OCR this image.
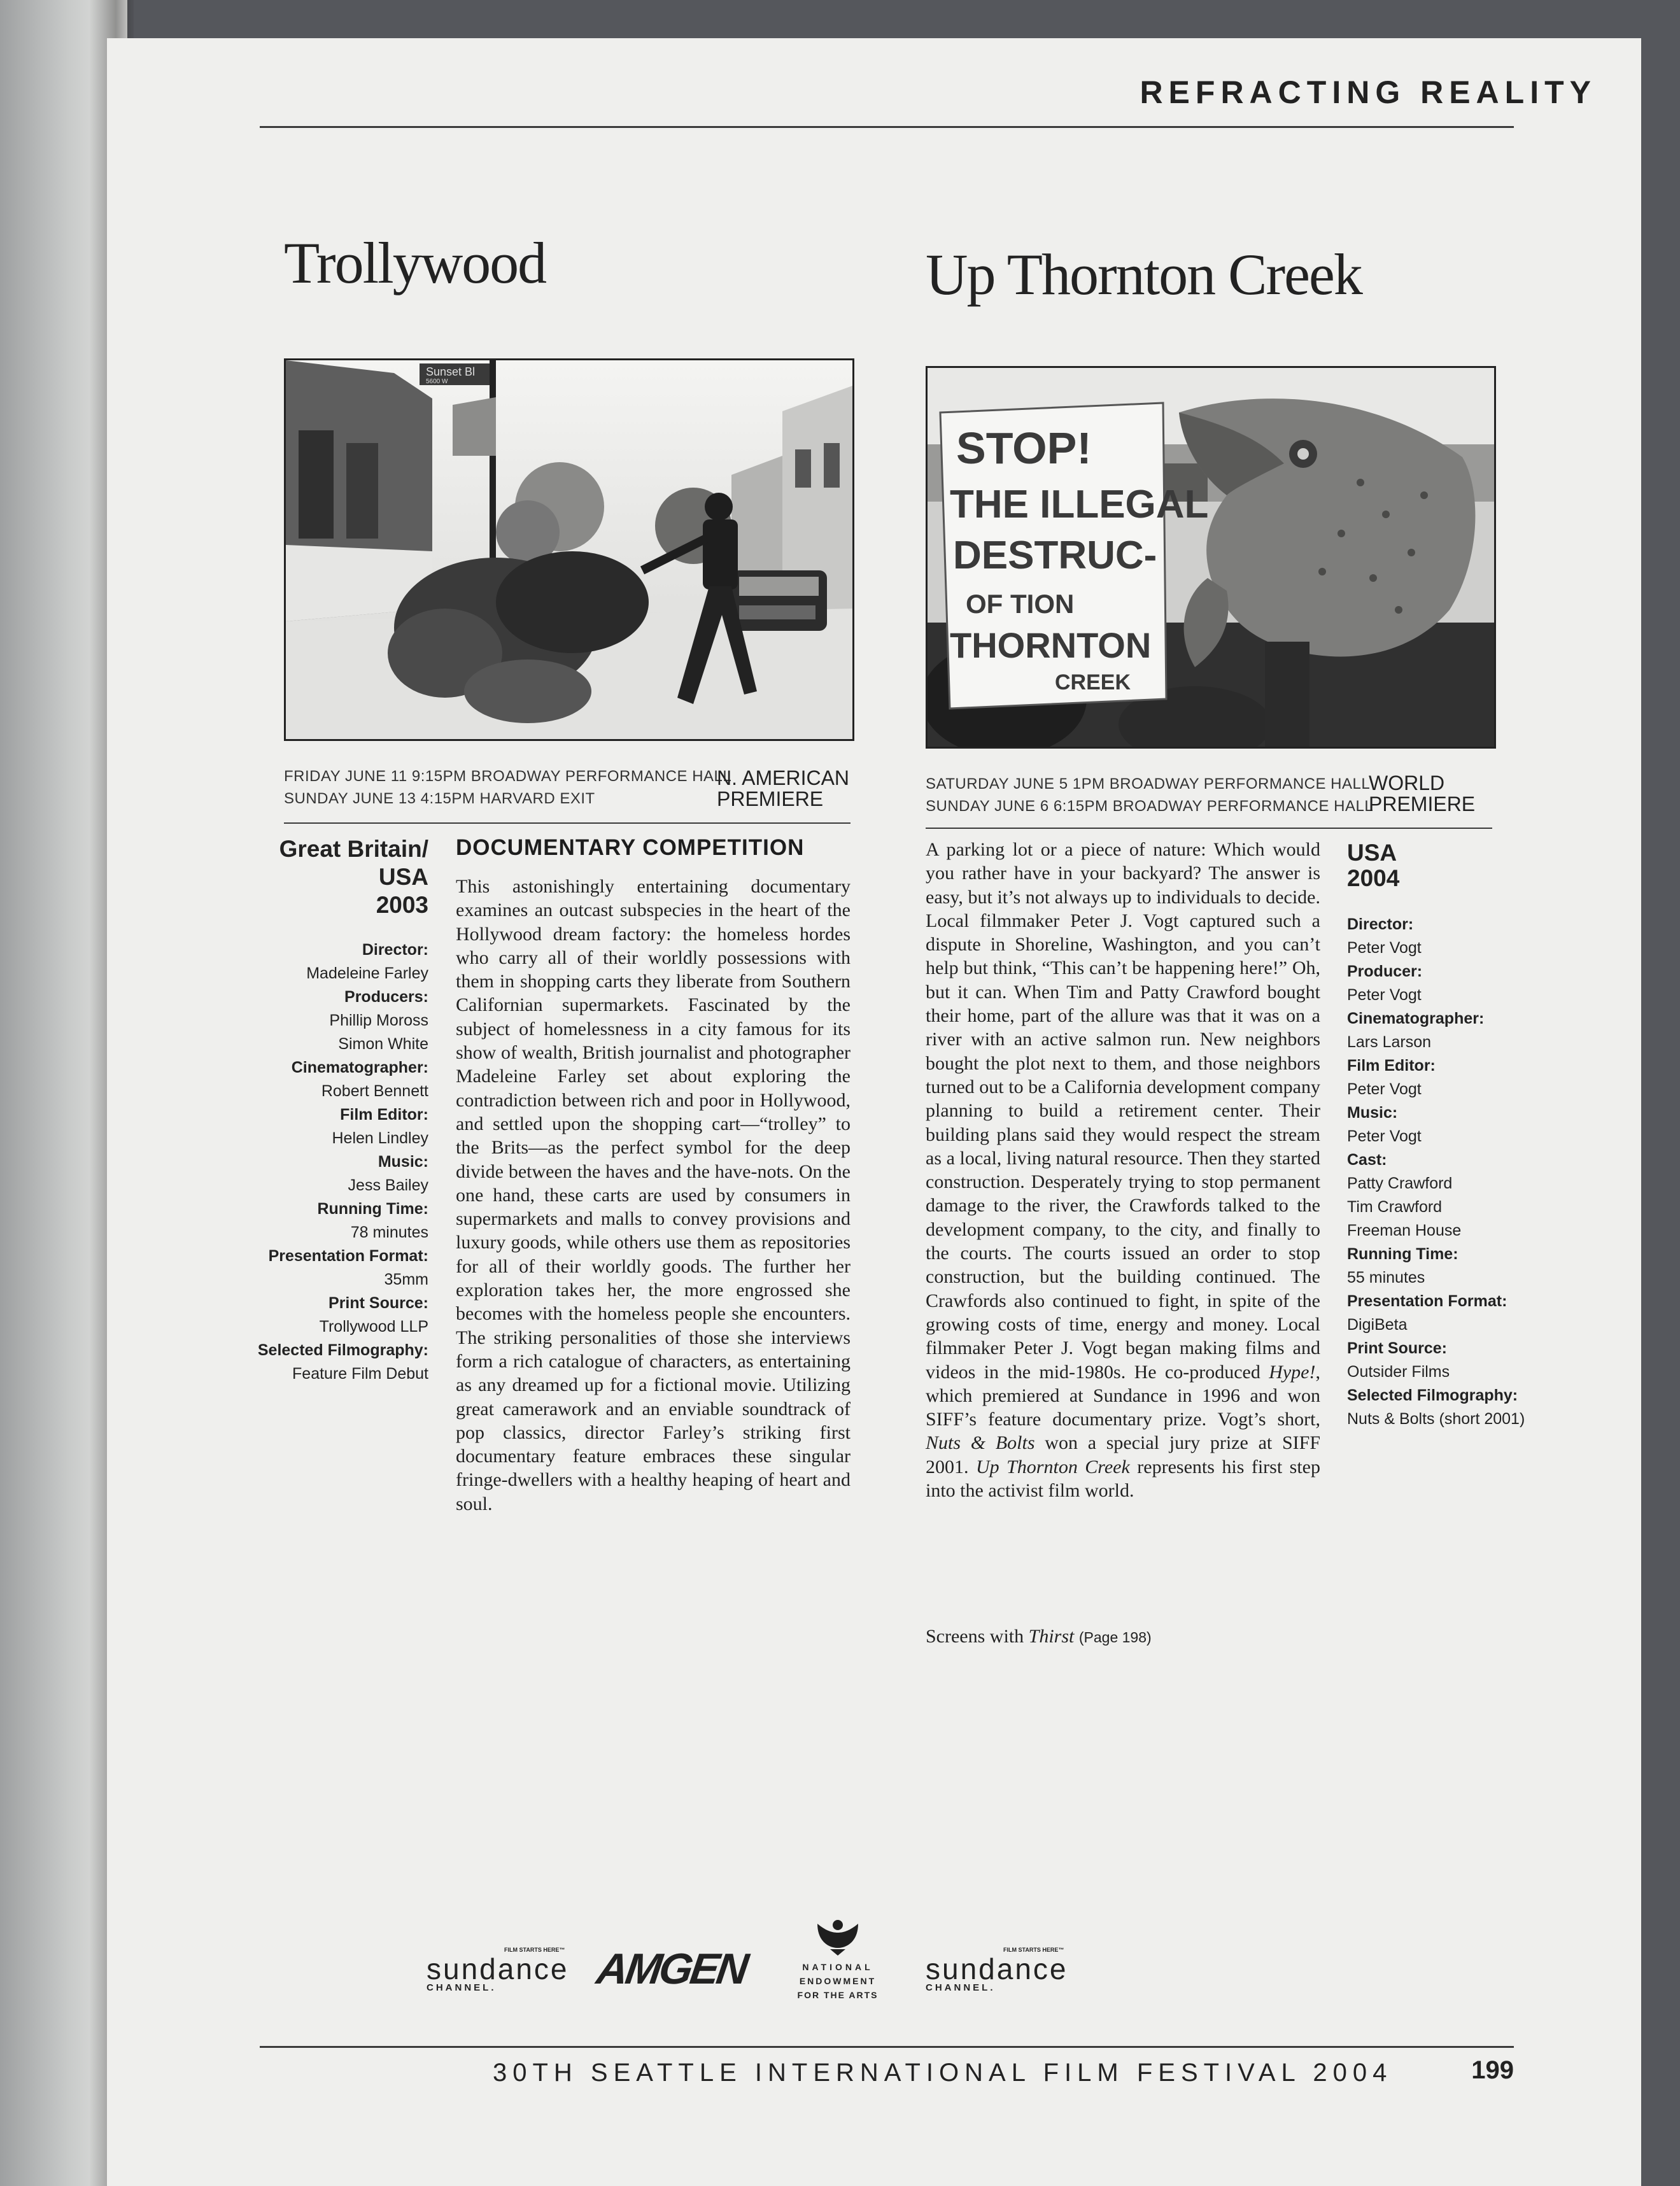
REFRACTING REALITY
Trollywood
Sunset Bl
5600 W
FRIDAY JUNE 11 9:15PM BROADWAY PERFORMANCE HALL
SUNDAY JUNE 13 4:15PM HARVARD EXIT
N. AMERICAN
PREMIERE
Great Britain/
USA
2003
Director:
Madeleine Farley
Producers:
Phillip Moross
Simon White
Cinematographer:
Robert Bennett
Film Editor:
Helen Lindley
Music:
Jess Bailey
Running Time:
78 minutes
Presentation Format:
35mm
Print Source:
Trollywood LLP
Selected Filmography:
Feature Film Debut
DOCUMENTARY COMPETITION
This astonishingly entertaining documentary examines an outcast subspecies in the heart of the Hollywood dream factory: the homeless hordes who carry all of their worldly possessions with them in shopping carts they liberate from Southern Californian supermarkets. Fascinated by the subject of homelessness in a city famous for its show of wealth, British journalist and photographer Madeleine Farley set about exploring the contradiction between rich and poor in Hollywood, and settled upon the shopping cart—“trolley” to the Brits—as the perfect symbol for the deep divide between the haves and the have-nots. On the one hand, these carts are used by consumers in supermarkets and malls to convey provisions and luxury goods, while others use them as repositories for all of their worldly goods. The further her exploration takes her, the more engrossed she becomes with the homeless people she encounters. The striking personalities of those she interviews form a rich catalogue of characters, as entertaining as any dreamed up for a fictional movie. Utilizing great camerawork and an enviable soundtrack of pop classics, director Farley’s striking first documentary feature embraces these singular fringe-dwellers with a healthy heaping of heart and soul.
Up Thornton Creek
STOP!
THE ILLEGAL
DESTRUC-
OF TION
THORNTON
CREEK
SATURDAY JUNE 5 1PM BROADWAY PERFORMANCE HALL
SUNDAY JUNE 6 6:15PM BROADWAY PERFORMANCE HALL
WORLD
PREMIERE
A parking lot or a piece of nature: Which would you rather have in your backyard? The answer is easy, but it’s not always up to individuals to decide. Local filmmaker Peter J. Vogt captured such a dispute in Shoreline, Washington, and you can’t help but think, “This can’t be happening here!” Oh, but it can. When Tim and Patty Crawford bought their home, part of the allure was that it was on a river with an active salmon run. New neighbors bought the plot next to them, and those neighbors turned out to be a California development company planning to build a retirement center. Their building plans said they would respect the stream as a local, living natural resource. Then they started construction. Desperately trying to stop permanent damage to the river, the Crawfords talked to the development company, to the city, and finally to the courts. The courts issued an order to stop construction, but the building continued. The Crawfords also continued to fight, in spite of the growing costs of time, energy and money. Local filmmaker Peter J. Vogt began making films and videos in the mid-1980s. He co-produced Hype!, which premiered at Sundance in 1996 and won SIFF’s feature documentary prize. Vogt’s short, Nuts & Bolts won a special jury prize at SIFF 2001. Up Thornton Creek represents his first step into the activist film world.
Screens with Thirst (Page 198)
USA
2004
Director:
Peter Vogt
Producer:
Peter Vogt
Cinematographer:
Lars Larson
Film Editor:
Peter Vogt
Music:
Peter Vogt
Cast:
Patty Crawford
Tim Crawford
Freeman House
Running Time:
55 minutes
Presentation Format:
DigiBeta
Print Source:
Outsider Films
Selected Filmography:
Nuts & Bolts (short 2001)
FILM STARTS HERE™
sundance
CHANNEL.	AMGEN	NATIONAL
ENDOWMENT
FOR THE ARTS
FILM STARTS HERE™
sundance
CHANNEL.
30TH SEATTLE INTERNATIONAL FILM FESTIVAL 2004	199
